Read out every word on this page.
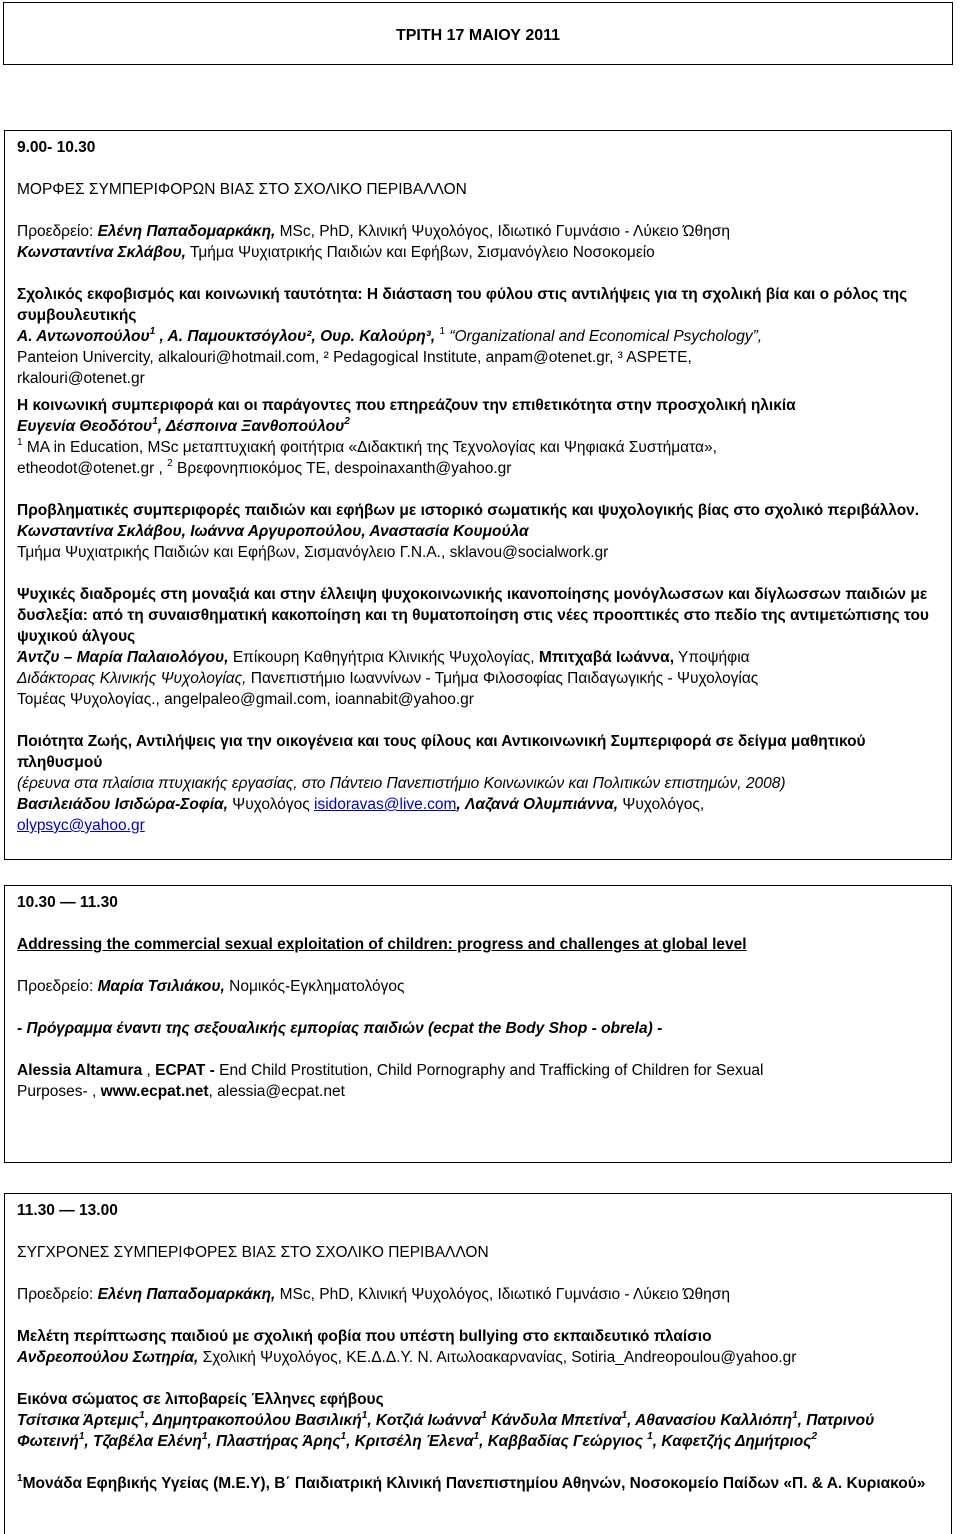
ΤΡΙΤΗ 17 ΜΑΙΟΥ 2011

9.00- 10.30

ΜΟΡΦΕΣ ΣΥΜΠΕΡΙΦΟΡΩΝ ΒΙΑΣ ΣΤΟ ΣΧΟΛΙΚΟ ΠΕΡΙΒΑΛΛΟΝ

Προεδρείο: Ελένη Παπαδομαρκάκη, MSc, PhD, Κλινική Ψυχολόγος, Ιδιωτικό Γυμνάσιο - Λύκειο Ώθηση
Κωνσταντίνα Σκλάβου, Τμήμα Ψυχιατρικής Παιδιών και Εφήβων, Σισμανόγλειο Νοσοκομείο

Σχολικός εκφοβισμός και κοινωνική ταυτότητα: Η διάσταση του φύλου στις αντιλήψεις για τη σχολική βία και ο ρόλος της συμβουλευτικής
Α. Αντωνοπούλου$^1$ , Α. Παμουκτσόγλου², Ουρ. Καλούρη³, $^1$ “Organizational and Economical Psychology”,
Panteion Univercity, alkalouri@hotmail.com, ² Pedagogical Institute, anpam@otenet.gr, ³ ASPETE,
rkalouri@otenet.gr

Η κοινωνική συμπεριφορά και οι παράγοντες που επηρεάζουν την επιθετικότητα στην προσχολική ηλικία
Ευγενία Θεοδότου$^1$, Δέσποινα Ξανθοπούλου$^2$
$^1$ MA in Education, MSc μεταπτυχιακή φοιτήτρια «Διδακτική της Τεχνολογίας και Ψηφιακά Συστήματα»,
etheodot@otenet.gr , $^2$ Βρεφονηπιοκόμος ΤΕ, despoinaxanth@yahoo.gr

Προβληματικές συμπεριφορές παιδιών και εφήβων με ιστορικό σωματικής και ψυχολογικής βίας στο σχολικό περιβάλλον.
Κωνσταντίνα Σκλάβου, Ιωάννα Αργυροπούλου, Αναστασία Κουμούλα
Τμήμα Ψυχιατρικής Παιδιών και Εφήβων, Σισμανόγλειο Γ.Ν.Α., sklavou@socialwork.gr

Ψυχικές διαδρομές στη μοναξιά και στην έλλειψη ψυχοκοινωνικής ικανοποίησης μονόγλωσσων και δίγλωσσων παιδιών με δυσλεξία: από τη συναισθηματική κακοποίηση και τη θυματοποίηση στις νέες προοπτικές στο πεδίο της αντιμετώπισης του ψυχικού άλγους
Άντζυ – Μαρία Παλαιολόγου, Επίκουρη Καθηγήτρια Κλινικής Ψυχολογίας, Μπιτχαβά Ιωάννα, Υποψήφια
Διδάκτορας Κλινικής Ψυχολογίας, Πανεπιστήμιο Ιωαννίνων - Τμήμα Φιλοσοφίας Παιδαγωγικής - Ψυχολογίας
Τομέας Ψυχολογίας., angelpaleo@gmail.com, ioannabit@yahoo.gr

Ποιότητα Ζωής, Αντιλήψεις για την οικογένεια και τους φίλους και Αντικοινωνική Συμπεριφορά σε δείγμα μαθητικού πληθυσμού
(έρευνα στα πλαίσια πτυχιακής εργασίας, στο Πάντειο Πανεπιστήμιο Κοινωνικών και Πολιτικών επιστημών, 2008)
Βασιλειάδου Ισιδώρα-Σοφία, Ψυχολόγος isidoravas@live.com, Λαζανά Ολυμπιάννα, Ψυχολόγος,
olypsyc@yahoo.gr

10.30 — 11.30

Addressing the commercial sexual exploitation of children: progress and challenges at global level

Προεδρείο: Μαρία Τσιλιάκου, Νομικός-Εγκληματολόγος

- Πρόγραμμα έναντι της σεξουαλικής εμπορίας παιδιών (ecpat the Body Shop - obrela) -

Alessia Altamura , ECPAT - End Child Prostitution, Child Pornography and Trafficking of Children for Sexual
Purposes- , www.ecpat.net, alessia@ecpat.net

11.30 — 13.00

ΣΥΓΧΡΟΝΕΣ ΣΥΜΠΕΡΙΦΟΡΕΣ ΒΙΑΣ ΣΤΟ ΣΧΟΛΙΚΟ ΠΕΡΙΒΑΛΛΟΝ

Προεδρείο: Ελένη Παπαδομαρκάκη, MSc, PhD, Κλινική Ψυχολόγος, Ιδιωτικό Γυμνάσιο - Λύκειο Ώθηση

Μελέτη περίπτωσης παιδιού με σχολική φοβία που υπέστη bullying στο εκπαιδευτικό πλαίσιο
Ανδρεοπούλου Σωτηρία, Σχολική Ψυχολόγος, ΚΕ.Δ.Δ.Υ. Ν. Αιτωλοακαρνανίας, Sotiria_Andreopoulou@yahoo.gr

Εικόνα σώματος σε λιποβαρείς Έλληνες εφήβους
Τσίτσικα Άρτεμις$^1$, Δημητρακοπούλου Βασιλική$^1$, Κοτζιά Ιωάννα$^1$ Κάνδυλα Μπετίνα$^1$, Αθανασίου Καλλιόπη$^1$, Πατρινού Φωτεινή$^1$, Τζαβέλα Ελένη$^1$, Πλαστήρας Άρης$^1$, Κριτσέλη Έλενα$^1$, Καββαδίας Γεώργιος $^1$, Καφετζής Δημήτριος$^2$

$^1$Μονάδα Εφηβικής Υγείας (Μ.Ε.Υ), Β΄ Παιδιατρική Κλινική Πανεπιστημίου Αθηνών, Νοσοκομείο Παίδων «Π. & Α. Κυριακού»
